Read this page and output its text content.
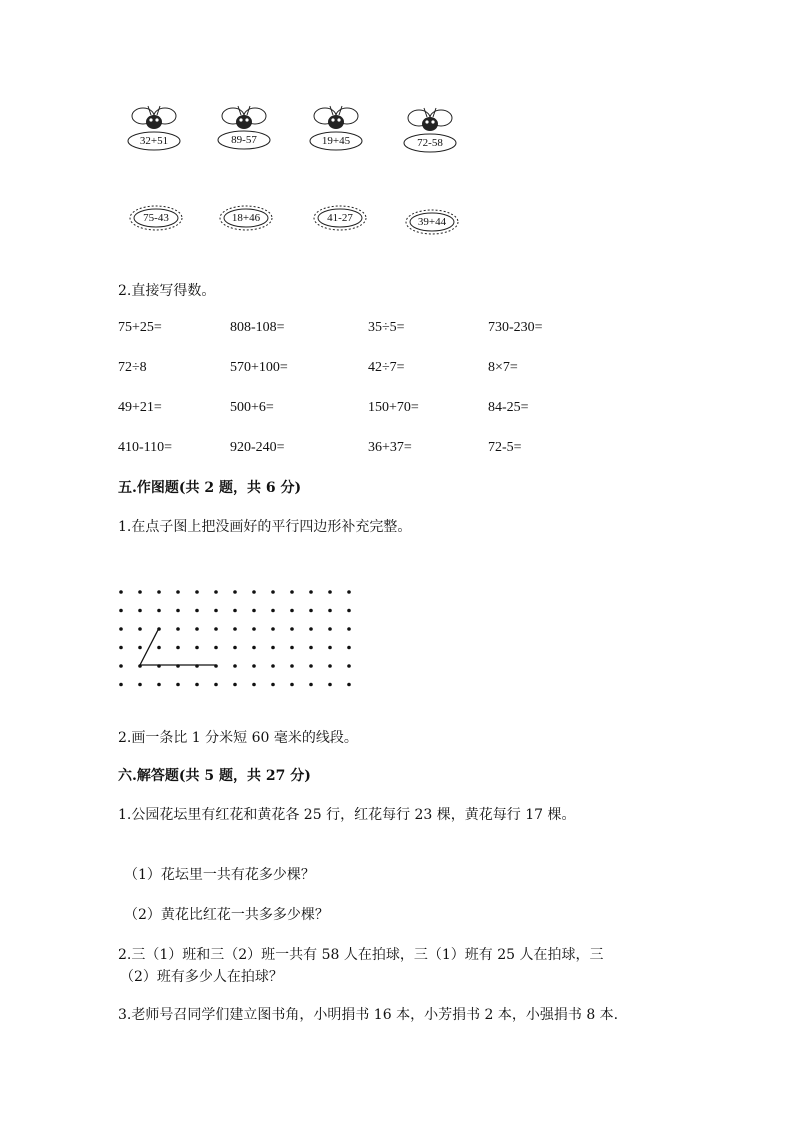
32+51	89-57	19+45	72-58
75-43	18+46	41-27	39+44
2.直接写得数。
75+25=	808-108=	35÷5=	730-230=
72÷8	570+100=	42÷7=	8×7=
49+21=	500+6=	150+70=	84-25=
410-110=	920-240=	36+37=	72-5=
五.作图题(共 2 题，共 6 分)
1.在点子图上把没画好的平行四边形补充完整。
2.画一条比 1 分米短 60 毫米的线段。
六.解答题(共 5 题，共 27 分)
1.公园花坛里有红花和黄花各 25 行，红花每行 23 棵，黄花每行 17 棵。
（1）花坛里一共有花多少棵？
（2）黄花比红花一共多多少棵？
2.三（1）班和三（2）班一共有 58 人在拍球，三（1）班有 25 人在拍球，三
（2）班有多少人在拍球？
3.老师号召同学们建立图书角，小明捐书 16 本，小芳捐书 2 本，小强捐书 8 本.
